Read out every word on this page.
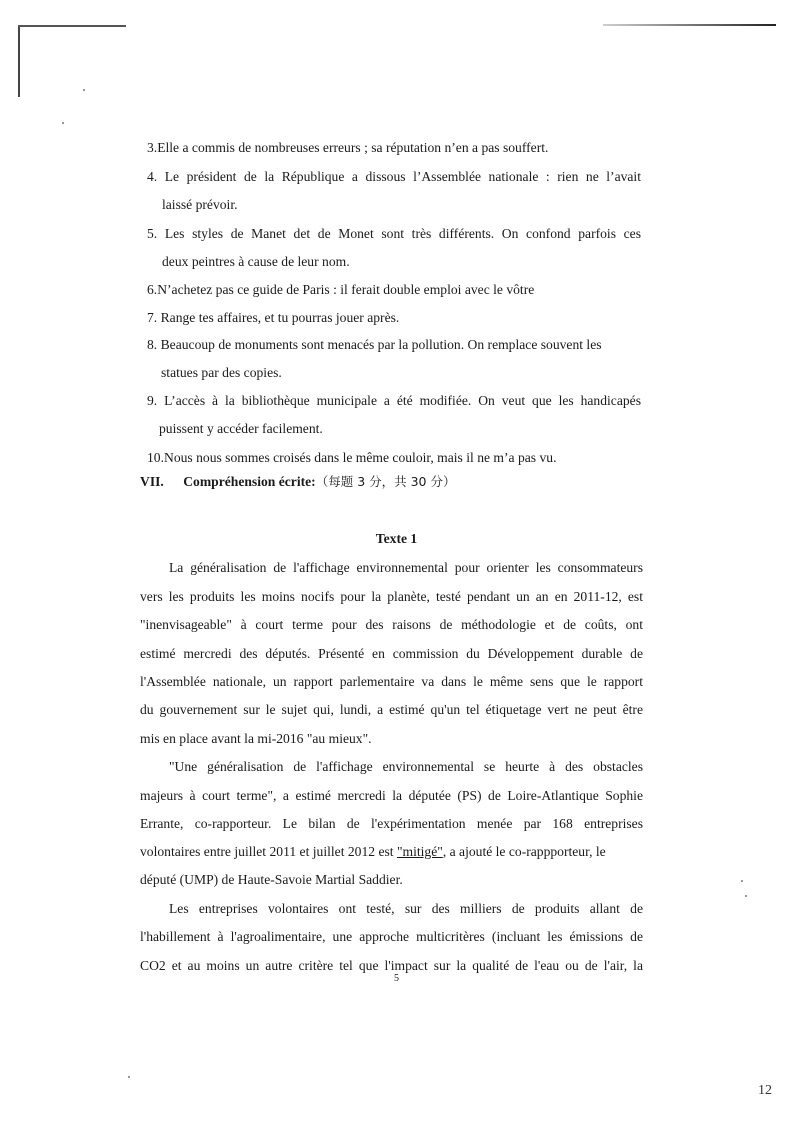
3.Elle a commis de nombreuses erreurs ; sa réputation n’en a pas souffert.
4. Le président de la République a dissous l’Assemblée nationale : rien ne l’avait
laissé prévoir.
5. Les styles de Manet det de Monet sont très différents. On confond parfois ces
deux peintres à cause de leur nom.
6.N’achetez pas ce guide de Paris : il ferait double emploi avec le vôtre
7. Range tes affaires, et tu pourras jouer après.
8. Beaucoup de monuments sont menacés par la pollution. On remplace souvent les
statues par des copies.
9. L’accès à la bibliothèque municipale a été modifiée. On veut que les handicapés
puissent y accéder facilement.
10.Nous nous sommes croisés dans le même couloir, mais il ne m’a pas vu.
VII. Compréhension écrite:（每题 3 分，共 30 分）
Texte 1
La généralisation de l'affichage environnemental pour orienter les consommateurs
vers les produits les moins nocifs pour la planète, testé pendant un an en 2011-12, est
"inenvisageable" à court terme pour des raisons de méthodologie et de coûts, ont
estimé mercredi des députés. Présenté en commission du Développement durable de
l'Assemblée nationale, un rapport parlementaire va dans le même sens que le rapport
du gouvernement sur le sujet qui, lundi, a estimé qu'un tel étiquetage vert ne peut être
mis en place avant la mi-2016 "au mieux".
"Une généralisation de l'affichage environnemental se heurte à des obstacles
majeurs à court terme", a estimé mercredi la députée (PS) de Loire-Atlantique Sophie
Errante, co-rapporteur. Le bilan de l'expérimentation menée par 168 entreprises
volontaires entre juillet 2011 et juillet 2012 est "mitigé", a ajouté le co-rappporteur, le
député (UMP) de Haute-Savoie Martial Saddier.
Les entreprises volontaires ont testé, sur des milliers de produits allant de
l'habillement à l'agroalimentaire, une approche multicritères (incluant les émissions de
CO2 et au moins un autre critère tel que l'impact sur la qualité de l'eau ou de l'air, la
5
12
